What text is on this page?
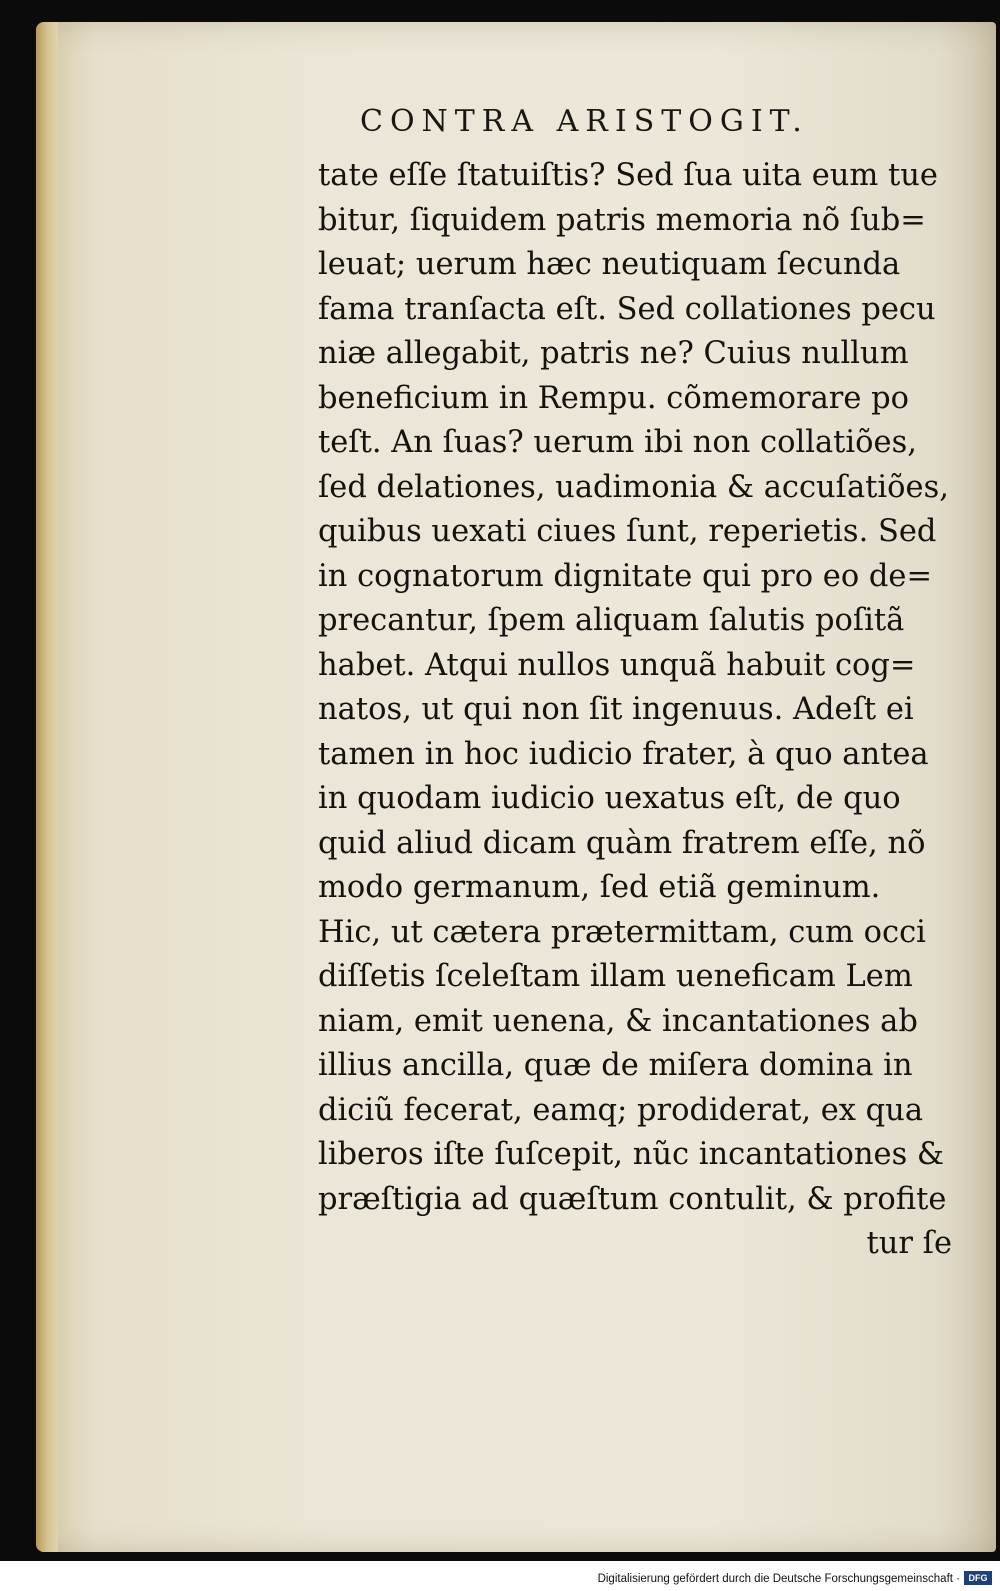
CONTRA ARISTOGIT.
tate eſſe ſtatuiſtis? Sed ſua uita eum tue
bitur, ſiquidem patris memoria nõ ſub=
leuat; uerum hæc neutiquam ſecunda
fama tranſacta eſt. Sed collationes pecu
niæ allegabit, patris ne? Cuius nullum
beneficium in Rempu. cõmemorare po
teſt. An ſuas? uerum ibi non collatiões,
ſed delationes, uadimonia & accuſatiões,
quibus uexati ciues ſunt, reperietis. Sed
in cognatorum dignitate qui pro eo de=
precantur, ſpem aliquam ſalutis poſitã
habet. Atqui nullos unquã habuit cog=
natos, ut qui non ſit ingenuus. Adeſt ei
tamen in hoc iudicio frater, à quo antea
in quodam iudicio uexatus eſt, de quo
quid aliud dicam quàm fratrem eſſe, nõ
modo germanum, ſed etiã geminum.
Hic, ut cætera prætermittam, cum occi
diſſetis ſceleſtam illam ueneficam Lem
niam, emit uenena, & incantationes ab
illius ancilla, quæ de miſera domina in
diciũ fecerat, eamq; prodiderat, ex qua
liberos iſte ſuſcepit, nũc incantationes &
præſtigia ad quæſtum contulit, & profite
tur ſe
Digitalisierung gefördert durch die Deutsche Forschungsgemeinschaft · DFG
